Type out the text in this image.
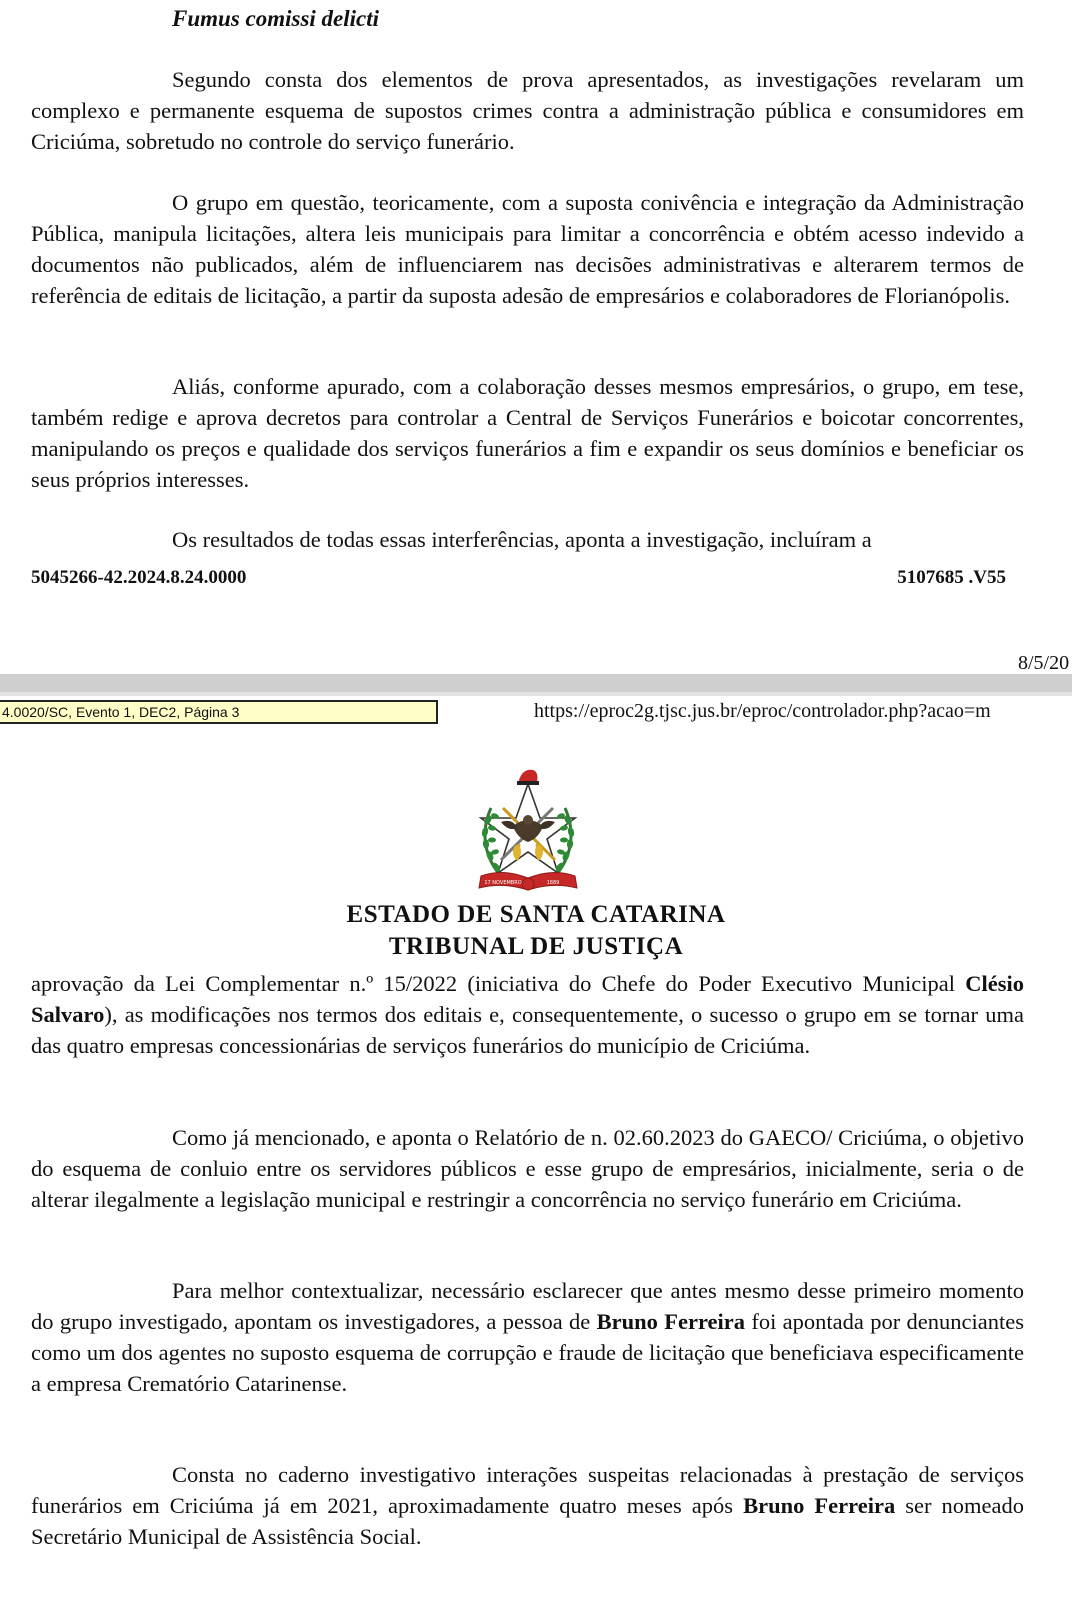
Fumus comissi delicti
Segundo consta dos elementos de prova apresentados, as investigações revelaram um complexo e permanente esquema de supostos crimes contra a administração pública e consumidores em Criciúma, sobretudo no controle do serviço funerário.
O grupo em questão, teoricamente, com a suposta conivência e integração da Administração Pública, manipula licitações, altera leis municipais para limitar a concorrência e obtém acesso indevido a documentos não publicados, além de influenciarem nas decisões administrativas e alterarem termos de referência de editais de licitação, a partir da suposta adesão de empresários e colaboradores de Florianópolis.
Aliás, conforme apurado, com a colaboração desses mesmos empresários, o grupo, em tese, também redige e aprova decretos para controlar a Central de Serviços Funerários e boicotar concorrentes, manipulando os preços e qualidade dos serviços funerários a fim e expandir os seus domínios e beneficiar os seus próprios interesses.
Os resultados de todas essas interferências, aponta a investigação, incluíram a
5045266-42.2024.8.24.0000	5107685 .V55
8/5/20
4.0020/SC, Evento 1, DEC2, Página 3	https://eproc2g.tjsc.jus.br/eproc/controlador.php?acao=m
17 NOVEMBRO	1889
ESTADO DE SANTA CATARINA
TRIBUNAL DE JUSTIÇA
aprovação da Lei Complementar n.º 15/2022 (iniciativa do Chefe do Poder Executivo Municipal Clésio Salvaro), as modificações nos termos dos editais e, consequentemente, o sucesso o grupo em se tornar uma das quatro empresas concessionárias de serviços funerários do município de Criciúma.
Como já mencionado, e aponta o Relatório de n. 02.60.2023 do GAECO/ Criciúma, o objetivo do esquema de conluio entre os servidores públicos e esse grupo de empresários, inicialmente, seria o de alterar ilegalmente a legislação municipal e restringir a concorrência no serviço funerário em Criciúma.
Para melhor contextualizar, necessário esclarecer que antes mesmo desse primeiro momento do grupo investigado, apontam os investigadores, a pessoa de Bruno Ferreira foi apontada por denunciantes como um dos agentes no suposto esquema de corrupção e fraude de licitação que beneficiava especificamente a empresa Crematório Catarinense.
Consta no caderno investigativo interações suspeitas relacionadas à prestação de serviços funerários em Criciúma já em 2021, aproximadamente quatro meses após Bruno Ferreira ser nomeado Secretário Municipal de Assistência Social.
